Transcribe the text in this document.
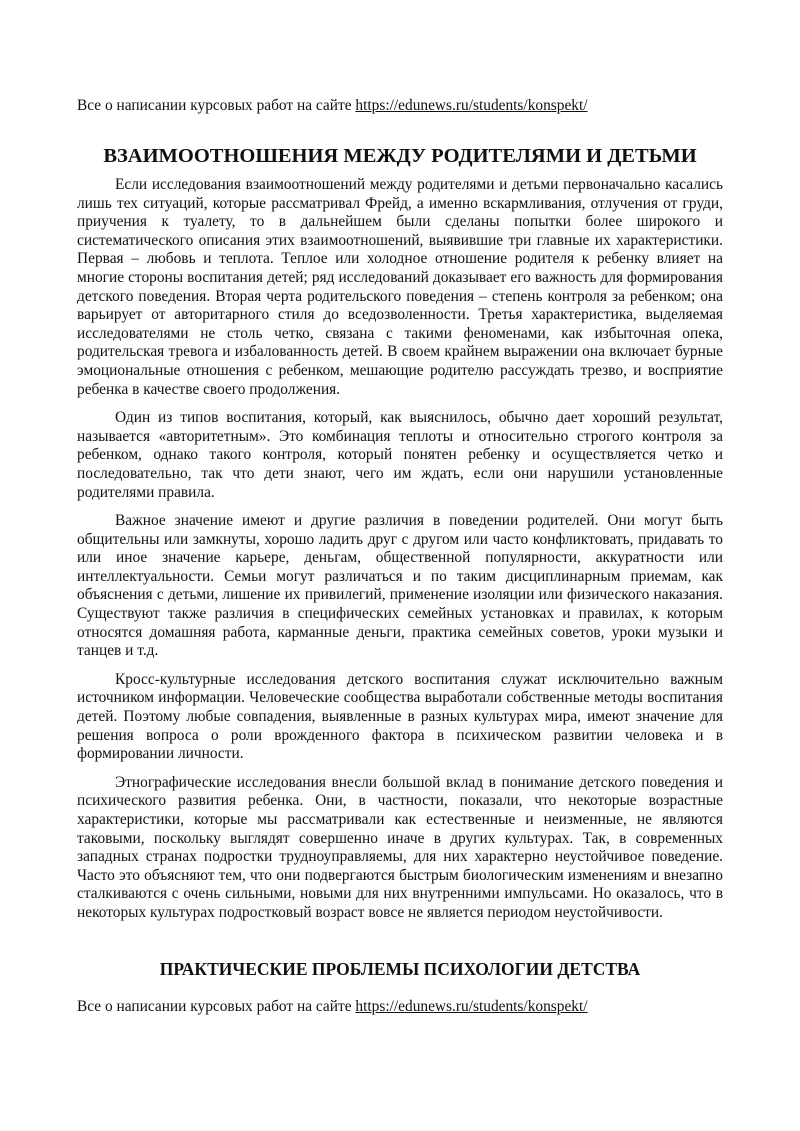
Все о написании курсовых работ на сайте https://edunews.ru/students/konspekt/
ВЗАИМООТНОШЕНИЯ МЕЖДУ РОДИТЕЛЯМИ И ДЕТЬМИ

Если исследования взаимоотношений между родителями и детьми первоначально касались лишь тех ситуаций, которые рассматривал Фрейд, а именно вскармливания, отлучения от груди, приучения к туалету, то в дальнейшем были сделаны попытки более широкого и систематического описания этих взаимоотношений, выявившие три главные их характеристики. Первая – любовь и теплота. Теплое или холодное отношение родителя к ребенку влияет на многие стороны воспитания детей; ряд исследований доказывает его важность для формирования детского поведения. Вторая черта родительского поведения – степень контроля за ребенком; она варьирует от авторитарного стиля до вседозволенности. Третья характеристика, выделяемая исследователями не столь четко, связана с такими феноменами, как избыточная опека, родительская тревога и избалованность детей. В своем крайнем выражении она включает бурные эмоциональные отношения с ребенком, мешающие родителю рассуждать трезво, и восприятие ребенка в качестве своего продолжения.

Один из типов воспитания, который, как выяснилось, обычно дает хороший результат, называется «авторитетным». Это комбинация теплоты и относительно строгого контроля за ребенком, однако такого контроля, который понятен ребенку и осуществляется четко и последовательно, так что дети знают, чего им ждать, если они нарушили установленные родителями правила.

Важное значение имеют и другие различия в поведении родителей. Они могут быть общительны или замкнуты, хорошо ладить друг с другом или часто конфликтовать, придавать то или иное значение карьере, деньгам, общественной популярности, аккуратности или интеллектуальности. Семьи могут различаться и по таким дисциплинарным приемам, как объяснения с детьми, лишение их привилегий, применение изоляции или физического наказания. Существуют также различия в специфических семейных установках и правилах, к которым относятся домашняя работа, карманные деньги, практика семейных советов, уроки музыки и танцев и т.д.

Кросс-культурные исследования детского воспитания служат исключительно важным источником информации. Человеческие сообщества выработали собственные методы воспитания детей. Поэтому любые совпадения, выявленные в разных культурах мира, имеют значение для решения вопроса о роли врожденного фактора в психическом развитии человека и в формировании личности.

Этнографические исследования внесли большой вклад в понимание детского поведения и психического развития ребенка. Они, в частности, показали, что некоторые возрастные характеристики, которые мы рассматривали как естественные и неизменные, не являются таковыми, поскольку выглядят совершенно иначе в других культурах. Так, в современных западных странах подростки трудноуправляемы, для них характерно неустойчивое поведение. Часто это объясняют тем, что они подвергаются быстрым биологическим изменениям и внезапно сталкиваются с очень сильными, новыми для них внутренними импульсами. Но оказалось, что в некоторых культурах подростковый возраст вовсе не является периодом неустойчивости.

ПРАКТИЧЕСКИЕ ПРОБЛЕМЫ ПСИХОЛОГИИ ДЕТСТВА
Все о написании курсовых работ на сайте https://edunews.ru/students/konspekt/
